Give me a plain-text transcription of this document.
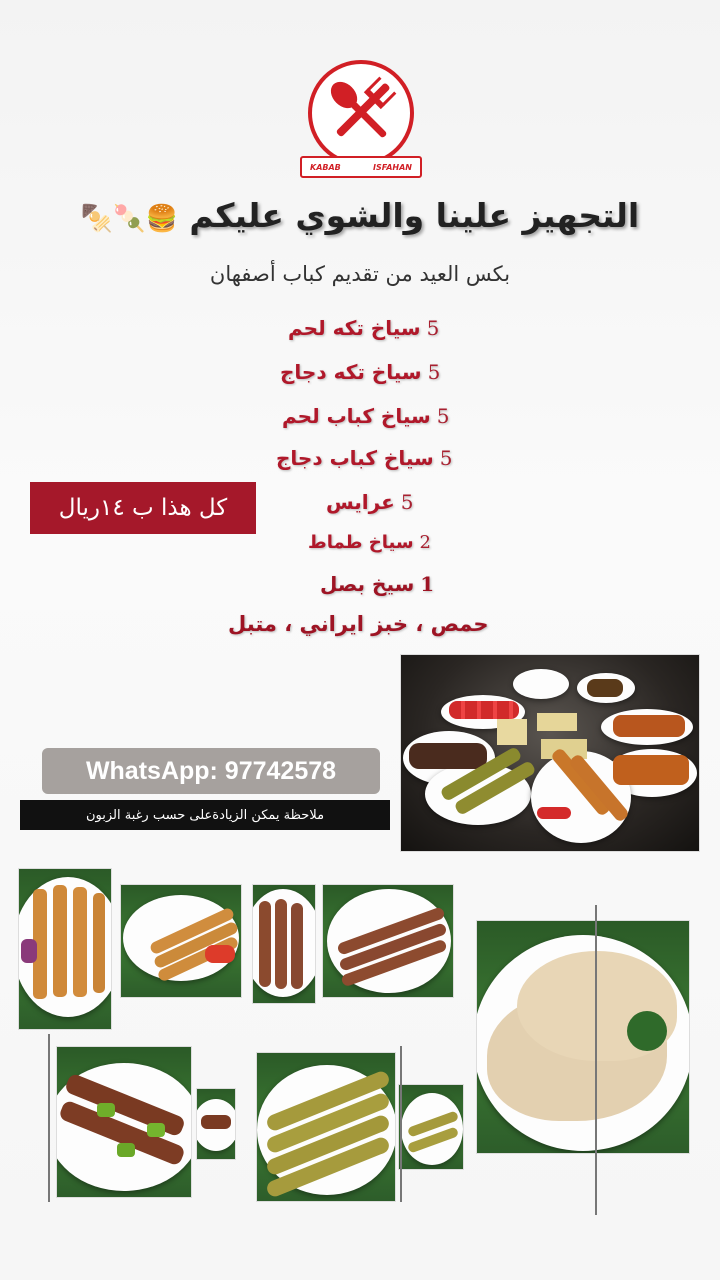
KABAB	ISFAHAN
التجهيز علينا والشوي عليكم 🍔🍡🍢
بكس العيد من تقديم كباب أصفهان
5سياخ تكه لحم
5سياخ تكه دجاج
5سياخ كباب لحم
5سياخ كباب دجاج
5عرايس
2سياخ طماط
1سيخ بصل
حمص ، خبز ايراني ، متبل
كل هذا ب ١٤ريال
WhatsApp: 97742578
ملاحظة يمكن الزيادةعلى حسب رغبة الزبون
